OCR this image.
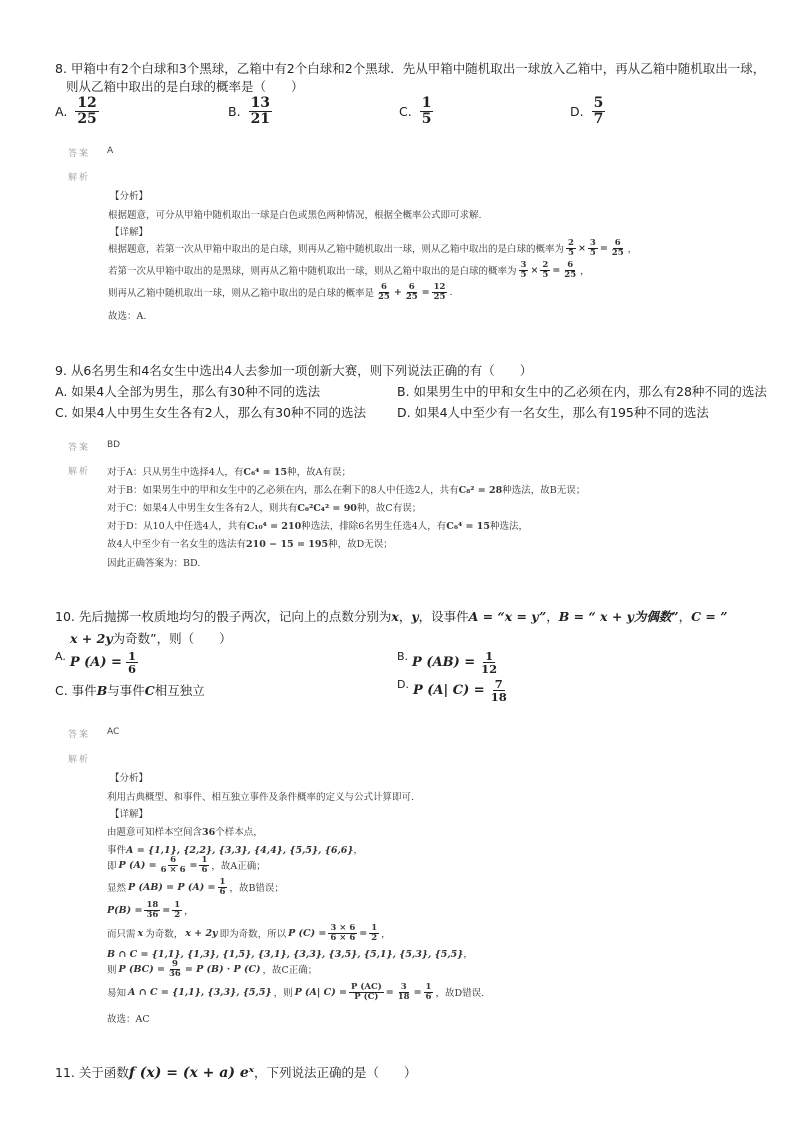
8. 甲箱中有2个白球和3个黑球，乙箱中有2个白球和2个黑球．先从甲箱中随机取出一球放入乙箱中，再从乙箱中随机取出一球，
则从乙箱中取出的是白球的概率是（　　）
A. $\frac{12}{25}$	B. $\frac{13}{21}$	C. $\frac{1}{5}$	D. $\frac{5}{7}$
答案 A
解析
【分析】
根据题意，可分从甲箱中随机取出一球是白色或黑色两种情况，根据全概率公式即可求解.
【详解】
根据题意，若第一次从甲箱中取出的是白球，则再从乙箱中随机取出一球，则从乙箱中取出的是白球的概率为 $\frac{2}{5} \times \frac{3}{5} = \frac{6}{25}$ ，
若第一次从甲箱中取出的是黑球，则再从乙箱中随机取出一球，则从乙箱中取出的是白球的概率为 $\frac{3}{5} \times \frac{2}{5} = \frac{6}{25}$ ，
则再从乙箱中随机取出一球，则从乙箱中取出的是白球的概率是 $\frac{6}{25} + \frac{6}{25} = \frac{12}{25}$ .
故选：A.
9. 从6名男生和4名女生中选出4人去参加一项创新大赛，则下列说法正确的有（　　）
A. 如果4人全部为男生，那么有30种不同的选法	B. 如果男生中的甲和女生中的乙必须在内，那么有28种不同的选法
C. 如果4人中男生女生各有2人，那么有30种不同的选法 D. 如果4人中至少有一名女生，那么有195种不同的选法
答案 BD
解析 对于A：只从男生中选择4人，有C₆⁴ = 15种，故A有误；
对于B：如果男生中的甲和女生中的乙必须在内，那么在剩下的8人中任选2人，共有C₈² = 28种选法，故B无误；
对于C：如果4人中男生女生各有2人，则共有C₆²C₄² = 90种，故C有误；
对于D：从10人中任选4人，共有C₁₀⁴ = 210种选法，排除6名男生任选4人，有C₆⁴ = 15种选法，
故4人中至少有一名女生的选法有210 − 15 = 195种，故D无误；
因此正确答案为：BD.
10. 先后抛掷一枚质地均匀的骰子两次，记向上的点数分别为x，y，设事件A = “x = y”，B = “ x + y为偶数”，C = ”
x + 2y为奇数”，则（　　）
A. P $(A) = \frac{1}{6}$	B. P $(AB) = \frac{1}{12}$
C. 事件B与事件C相互独立	D. P (A| $C) = \frac{7}{18}$
答案 AC
解析
【分析】
利用古典概型、和事件、相互独立事件及条件概率的定义与公式计算即可.
【详解】
由题意可知样本空间含36个样本点，
事件A = {1,1}, {2,2}, {3,3}, {4,4}, {5,5}, {6,6}，
即 P $(A) = \frac{6}{6 \times 6} = \frac{1}{6}$ ，故A正确；
显然 P (AB) = P $(A) = \frac{1}{6}$ ，故B错误；
$P(B) = \frac{18}{36} = \frac{1}{2}$ ，
而只需 x 为奇数， x + 2y 即为奇数，所以 P $(C) = \frac{3 \times 6}{6 \times 6} = \frac{1}{2}$ ，
B ∩ C = {1,1}, {1,3}, {1,5}, {3,1}, {3,3}, {3,5}, {5,1}, {5,3}, {5,5}，
则 P $(BC) = \frac{9}{36} = P$ (B) · P (C) ，故C正确；
易知 A ∩ C = {1,1}, {3,3}, {5,5} ，则 P (A| $C) = \frac{P (AC)}{P (C)} = \frac{3}{18} = \frac{1}{6}$ ，故D错误.
故选：AC
11. 关于函数f (x) = (x + a) eˣ，下列说法正确的是（　　）
